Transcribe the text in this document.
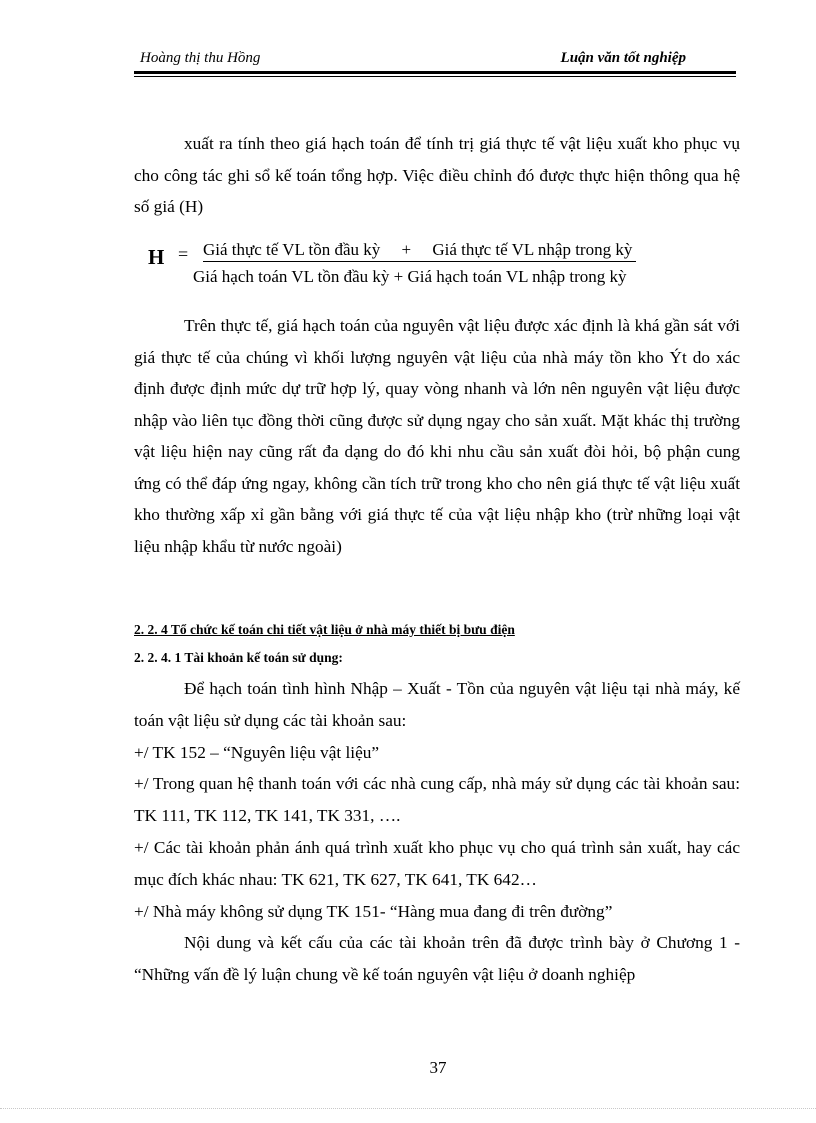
Hoàng thị thu Hồng	Luận văn tốt nghiệp

xuất ra tính theo giá hạch toán để tính trị giá thực tế vật liệu xuất kho phục vụ cho công tác ghi sổ kế toán tổng hợp. Việc điều chỉnh đó được thực hiện thông qua hệ số giá (H)

H = Giá thực tế VL tồn đầu kỳ     +     Giá thực tế VL nhập trong kỳ
Giá hạch toán VL tồn đầu kỳ + Giá hạch toán VL nhập trong kỳ

Trên thực tế, giá hạch toán của nguyên vật liệu được xác định là khá gần sát với giá thực tế của chúng vì khối lượng nguyên vật liệu của nhà máy tồn kho Ýt do xác định được định mức dự trữ hợp lý, quay vòng nhanh và lớn nên nguyên vật liệu được nhập vào liên tục đồng thời cũng được sử dụng ngay cho sản xuất. Mặt khác thị trường vật liệu hiện nay cũng rất đa dạng do đó khi nhu cầu sản xuất đòi hỏi, bộ phận cung ứng có thể đáp ứng ngay, không cần tích trữ trong kho cho nên giá thực tế vật liệu xuất kho thường xấp xỉ gần bằng với giá thực tế của vật liệu nhập kho (trừ những loại vật liệu nhập khẩu từ nước ngoài)

2. 2. 4 Tổ chức kế toán chi tiết vật liệu ở nhà máy thiết bị bưu điện
2. 2. 4. 1 Tài khoản kế toán sử dụng:

Để hạch toán tình hình Nhập – Xuất - Tồn của nguyên vật liệu tại nhà máy, kế toán vật liệu sử dụng các tài khoản sau:

+/ TK 152 – “Nguyên liệu vật liệu”

+/ Trong quan hệ thanh toán với các nhà cung cấp, nhà máy sử dụng các tài khoản sau: TK 111, TK 112, TK 141, TK 331, ….

+/ Các tài khoản phản ánh quá trình xuất kho phục vụ cho quá trình sản xuất, hay các mục đích khác nhau: TK 621, TK 627, TK 641, TK 642…

+/ Nhà máy không sử dụng TK 151- “Hàng mua đang đi trên đường”

Nội dung và kết cấu của các tài khoản trên đã được trình bày ở Chương 1 - “Những vấn đề lý luận chung về kế toán nguyên vật liệu ở doanh nghiệp

37
